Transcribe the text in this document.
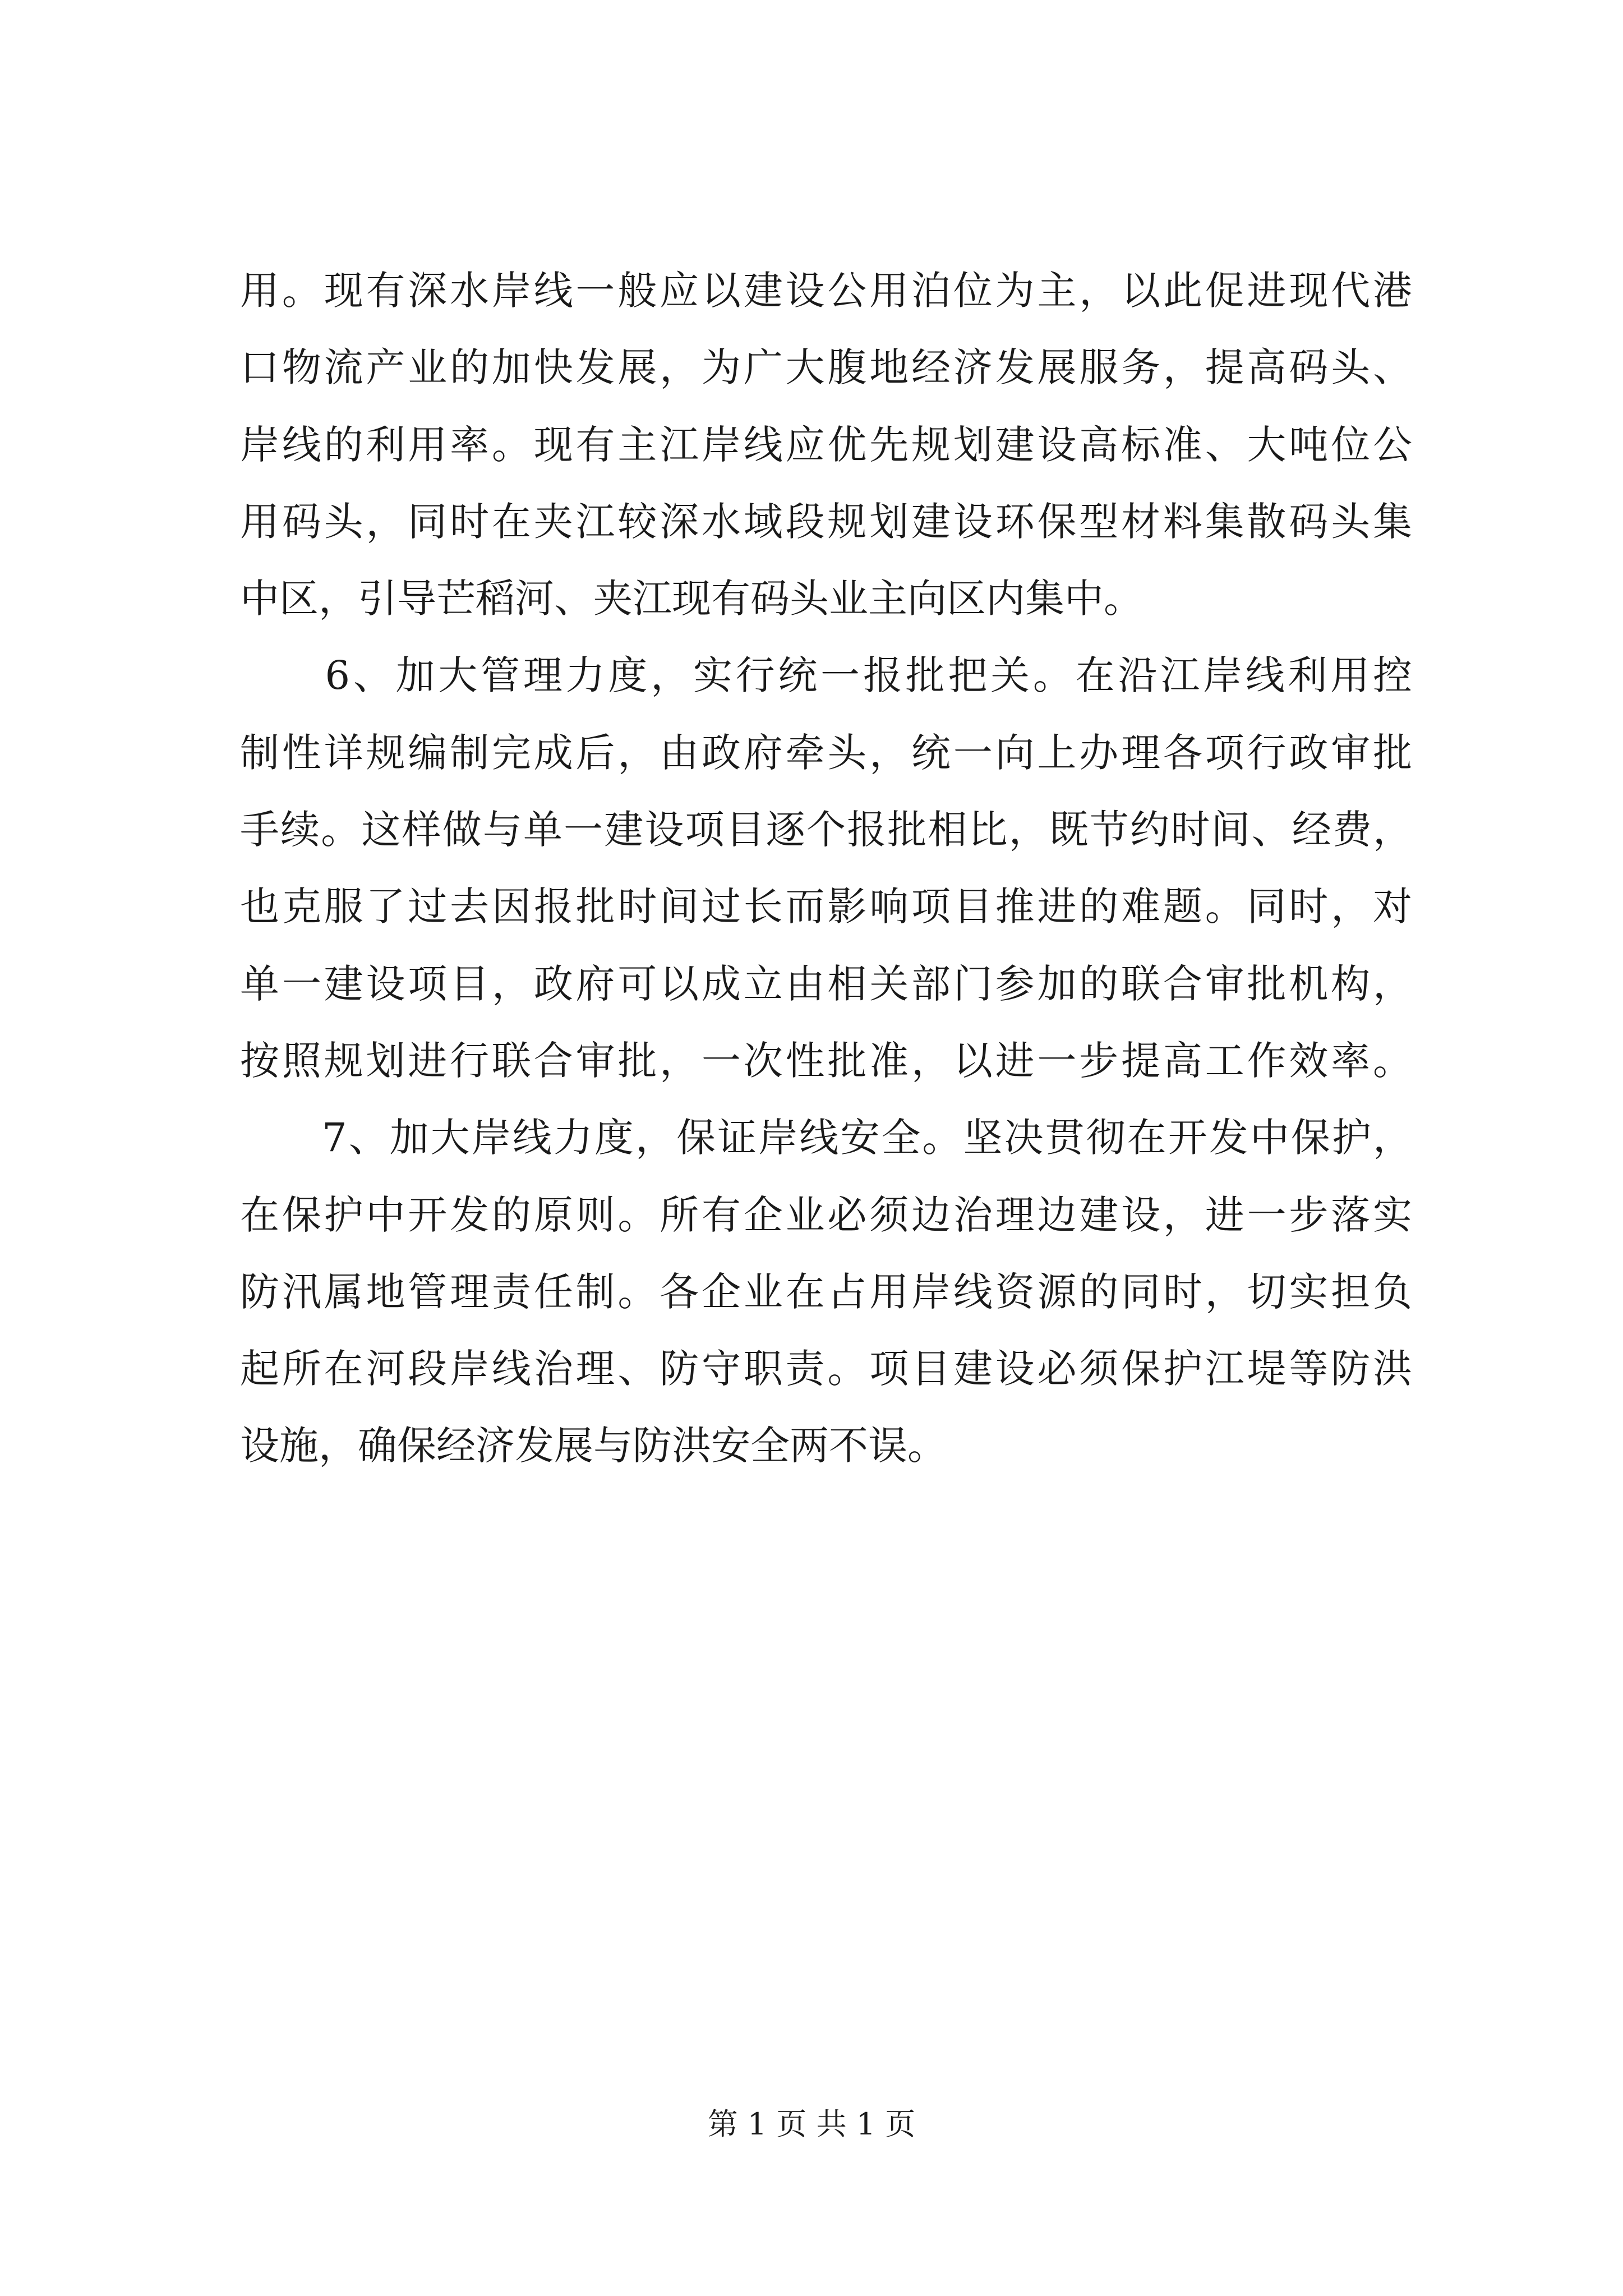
用。现有深水岸线一般应以建设公用泊位为主，以此促进现代港
口物流产业的加快发展，为广大腹地经济发展服务，提高码头、
岸线的利用率。现有主江岸线应优先规划建设高标准、大吨位公
用码头，同时在夹江较深水域段规划建设环保型材料集散码头集
中区，引导芒稻河、夹江现有码头业主向区内集中。
　　6、加大管理力度，实行统一报批把关。在沿江岸线利用控
制性详规编制完成后，由政府牵头，统一向上办理各项行政审批
手续。这样做与单一建设项目逐个报批相比，既节约时间、经费，
也克服了过去因报批时间过长而影响项目推进的难题。同时，对
单一建设项目，政府可以成立由相关部门参加的联合审批机构，
按照规划进行联合审批，一次性批准，以进一步提高工作效率。
　　7、加大岸线力度，保证岸线安全。坚决贯彻在开发中保护，
在保护中开发的原则。所有企业必须边治理边建设，进一步落实
防汛属地管理责任制。各企业在占用岸线资源的同时，切实担负
起所在河段岸线治理、防守职责。项目建设必须保护江堤等防洪
设施，确保经济发展与防洪安全两不误。
第 1 页 共 1 页
